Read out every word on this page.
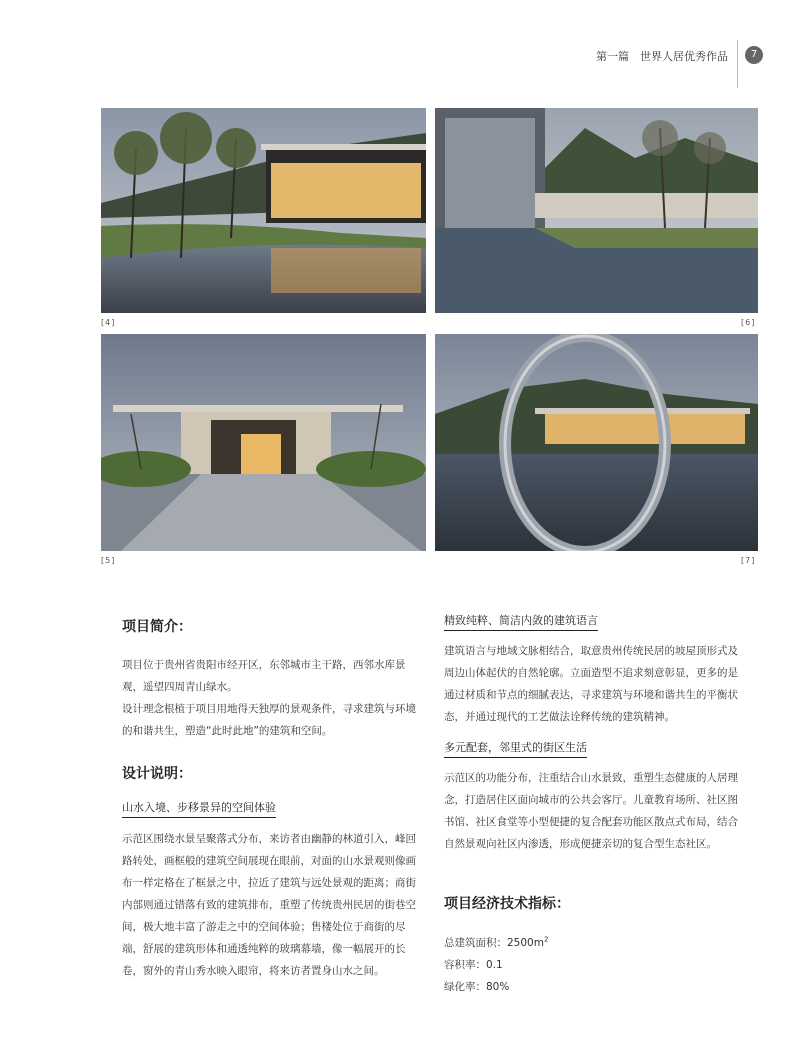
第一篇　世界人居优秀作品	7
[4]	[6]
[5]	[7]
项目简介：
项目位于贵州省贵阳市经开区，东邻城市主干路，西邻水库景观，遥望四周青山绿水。
设计理念根植于项目用地得天独厚的景观条件，寻求建筑与环境的和谐共生，塑造“此时此地”的建筑和空间。
设计说明：
山水入境、步移景异的空间体验
示范区围绕水景呈聚落式分布，来访者由幽静的林道引入，峰回路转处，画框般的建筑空间展现在眼前，对面的山水景观则像画布一样定格在了框景之中，拉近了建筑与远处景观的距离；商街内部则通过错落有致的建筑排布，重塑了传统贵州民居的街巷空间，极大地丰富了游走之中的空间体验；售楼处位于商街的尽端，舒展的建筑形体和通透纯粹的玻璃幕墙，像一幅展开的长卷，窗外的青山秀水映入眼帘，将来访者置身山水之间。
精致纯粹、简洁内敛的建筑语言
建筑语言与地域文脉相结合，取意贵州传统民居的坡屋顶形式及周边山体起伏的自然轮廓。立面造型不追求刻意彰显，更多的是通过材质和节点的细腻表达，寻求建筑与环境和谐共生的平衡状态，并通过现代的工艺做法诠释传统的建筑精神。
多元配套，邻里式的街区生活
示范区的功能分布，注重结合山水景致，重塑生态健康的人居理念，打造居住区面向城市的公共会客厅。儿童教育场所、社区图书馆、社区食堂等小型便捷的复合配套功能区散点式布局，结合自然景观向社区内渗透，形成便捷亲切的复合型生态社区。
项目经济技术指标：
总建筑面积：$2500m^2$
容积率：0.1
绿化率：80%
